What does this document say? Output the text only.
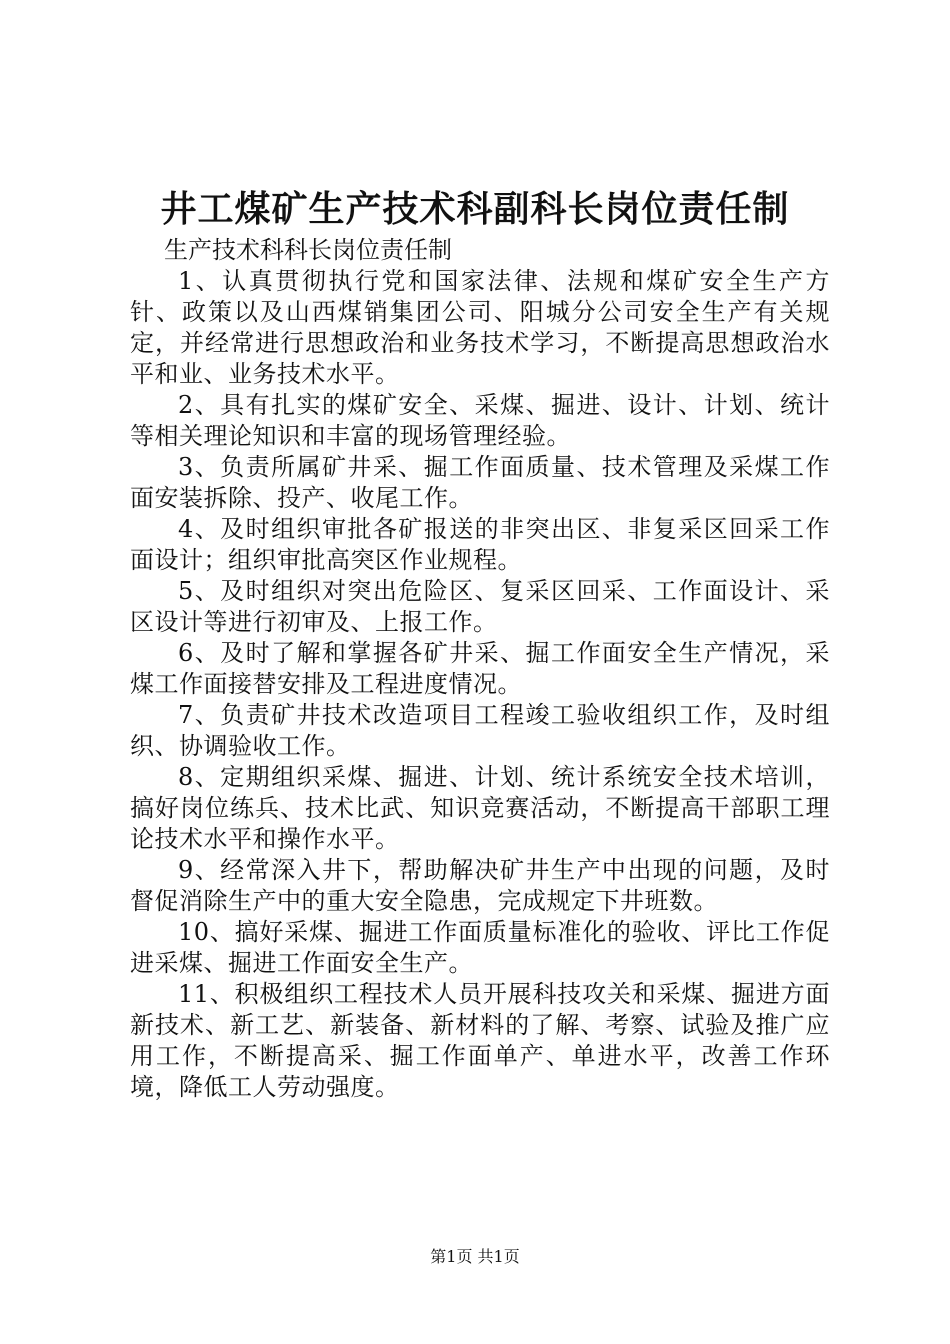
井工煤矿生产技术科副科长岗位责任制

生产技术科科长岗位责任制

1、认真贯彻执行党和国家法律、法规和煤矿安全生产方针、政策以及山西煤销集团公司、阳城分公司安全生产有关规定，并经常进行思想政治和业务技术学习，不断提高思想政治水平和业、业务技术水平。

2、具有扎实的煤矿安全、采煤、掘进、设计、计划、统计等相关理论知识和丰富的现场管理经验。

3、负责所属矿井采、掘工作面质量、技术管理及采煤工作面安装拆除、投产、收尾工作。

4、及时组织审批各矿报送的非突出区、非复采区回采工作面设计；组织审批高突区作业规程。

5、及时组织对突出危险区、复采区回采、工作面设计、采区设计等进行初审及、上报工作。

6、及时了解和掌握各矿井采、掘工作面安全生产情况，采煤工作面接替安排及工程进度情况。

7、负责矿井技术改造项目工程竣工验收组织工作，及时组织、协调验收工作。

8、定期组织采煤、掘进、计划、统计系统安全技术培训，搞好岗位练兵、技术比武、知识竞赛活动，不断提高干部职工理论技术水平和操作水平。

9、经常深入井下，帮助解决矿井生产中出现的问题，及时督促消除生产中的重大安全隐患，完成规定下井班数。

10、搞好采煤、掘进工作面质量标准化的验收、评比工作促进采煤、掘进工作面安全生产。

11、积极组织工程技术人员开展科技攻关和采煤、掘进方面新技术、新工艺、新装备、新材料的了解、考察、试验及推广应用工作，不断提高采、掘工作面单产、单进水平，改善工作环境，降低工人劳动强度。

第1页 共1页
